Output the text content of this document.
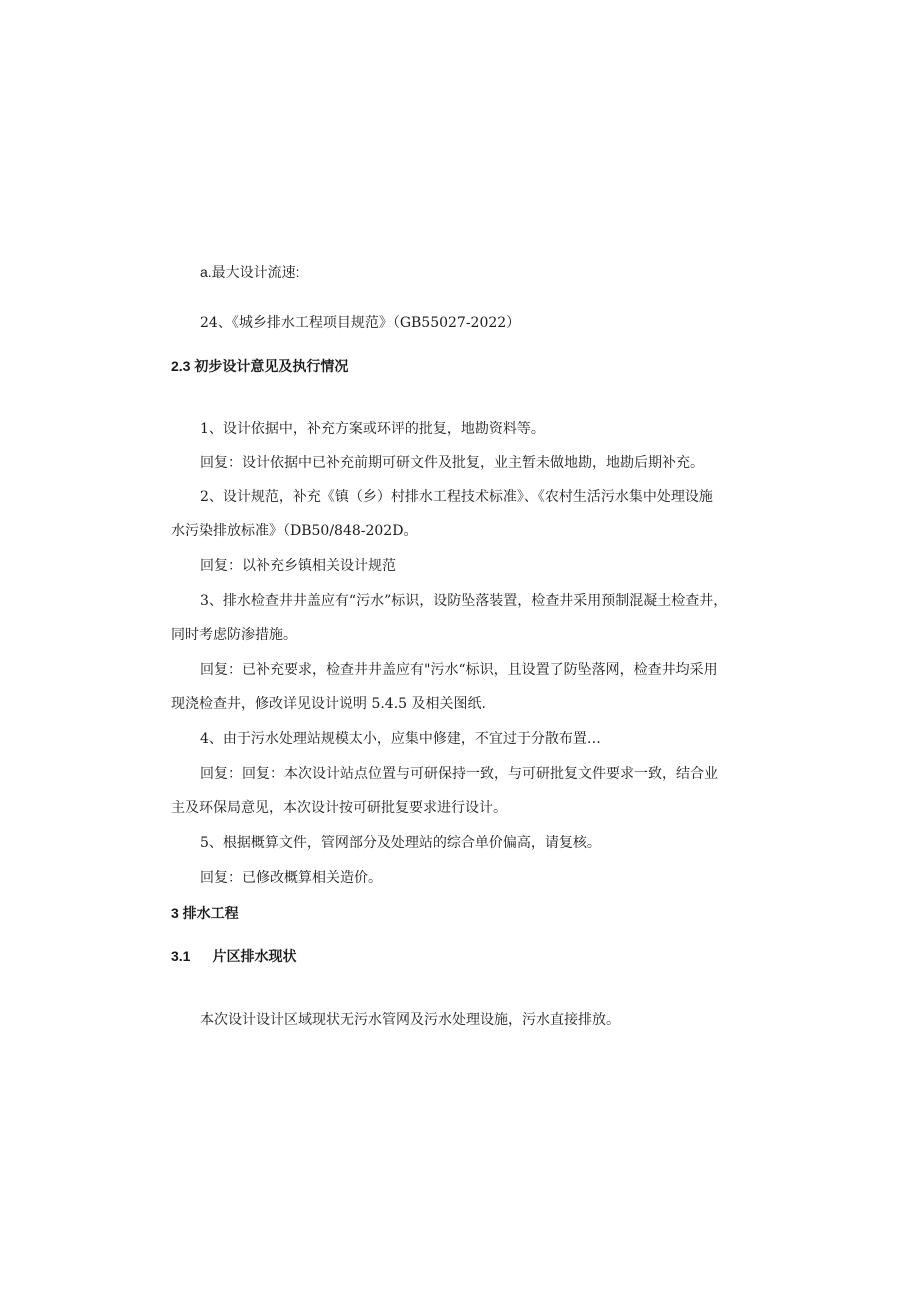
a.最大设计流速:
24、《城乡排水工程项目规范》（GB55027-2022）
2.3 初步设计意见及执行情况
1、设计依据中，补充方案或环评的批复，地勘资料等。
回复：设计依据中已补充前期可研文件及批复，业主暂未做地勘，地勘后期补充。
2、设计规范，补充《镇（乡）村排水工程技术标准》、《农村生活污水集中处理设施
水污染排放标准》（DB50/848-202D。
回复：以补充乡镇相关设计规范
3、排水检查井井盖应有“污水”标识，设防坠落装置，检查井采用预制混凝土检查井，
同时考虑防渗措施。
回复：已补充要求，检查井井盖应有"污水“标识，且设置了防坠落网，检查井均采用
现浇检查井，修改详见设计说明 5.4.5 及相关图纸.
4、由于污水处理站规模太小，应集中修建，不宜过于分散布置…
回复：回复：本次设计站点位置与可研保持一致，与可研批复文件要求一致，结合业
主及环保局意见，本次设计按可研批复要求进行设计。
5、根据概算文件，管网部分及处理站的综合单价偏高，请复核。
回复：已修改概算相关造价。
3 排水工程
3.1 片区排水现状
本次设计设计区域现状无污水管网及污水处理设施，污水直接排放。
